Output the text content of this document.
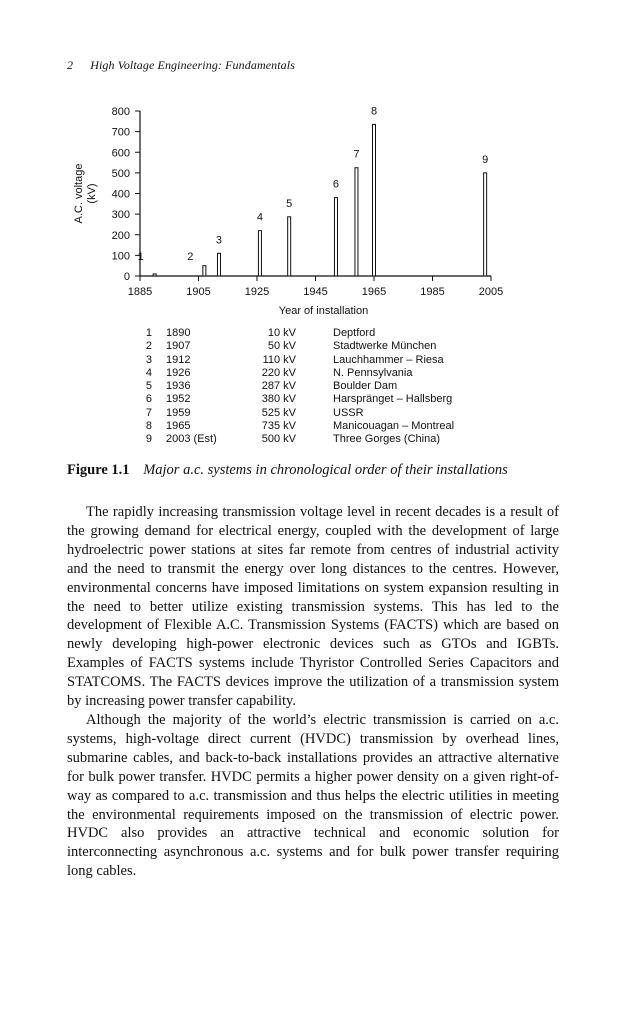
2 High Voltage Engineering: Fundamentals
A.C. voltage (kV)
0
100
200
300
400
500
600
700
800
1885	1905	1925	1945	1965	1985	2005
1	2
3
4
5
6
7
8
9
Year of installation
1	1890	10 kV	Deptford
2	1907	50 kV	Stadtwerke München
3	1912	110 kV	Lauchhammer – Riesa
4	1926	220 kV	N. Pennsylvania
5	1936	287 kV	Boulder Dam
6	1952	380 kV	Harspränget – Hallsberg
7	1959	525 kV	USSR
8	1965	735 kV	Manicouagan – Montreal
9	2003 (Est)	500 kV	Three Gorges (China)
Figure 1.1 Major a.c. systems in chronological order of their installations

The rapidly increasing transmission voltage level in recent decades is a result of the growing demand for electrical energy, coupled with the development of large hydroelectric power stations at sites far remote from centres of industrial activity and the need to transmit the energy over long distances to the centres. However, environmental concerns have imposed limitations on system expansion resulting in the need to better utilize existing transmission systems. This has led to the development of Flexible A.C. Transmission Systems (FACTS) which are based on newly developing high-power electronic devices such as GTOs and IGBTs. Examples of FACTS systems include Thyristor Controlled Series Capacitors and STATCOMS. The FACTS devices improve the utilization of a transmission system by increasing power transfer capability.

Although the majority of the world’s electric transmission is carried on a.c. systems, high-voltage direct current (HVDC) transmission by overhead lines, submarine cables, and back-to-back installations provides an attractive alternative for bulk power transfer. HVDC permits a higher power density on a given right-of-way as compared to a.c. transmission and thus helps the electric utilities in meeting the environmental requirements imposed on the transmission of electric power. HVDC also provides an attractive technical and economic solution for interconnecting asynchronous a.c. systems and for bulk power transfer requiring long cables.
